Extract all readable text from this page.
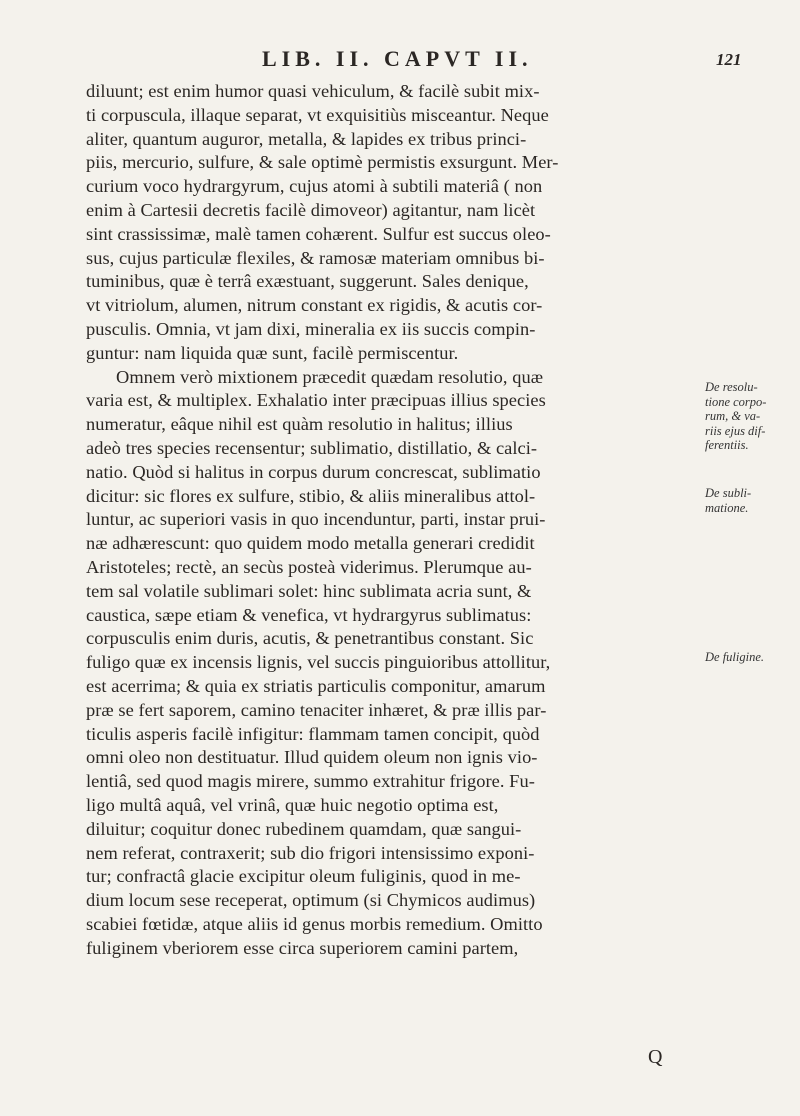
LIB. II. CAPVT II.	121
diluunt; est enim humor quasi vehiculum, & facilè subit mix-
ti corpuscula, illaque separat, vt exquisitiùs misceantur. Neque
aliter, quantum auguror, metalla, & lapides ex tribus princi-
piis, mercurio, sulfure, & sale optimè permistis exsurgunt. Mer-
curium voco hydrargyrum, cujus atomi à subtili materiâ ( non
enim à Cartesii decretis facilè dimoveor) agitantur, nam licèt
sint crassissimæ, malè tamen cohærent. Sulfur est succus oleo-
sus, cujus particulæ flexiles, & ramosæ materiam omnibus bi-
tuminibus, quæ è terrâ exæstuant, suggerunt. Sales denique,
vt vitriolum, alumen, nitrum constant ex rigidis, & acutis cor-
pusculis. Omnia, vt jam dixi, mineralia ex iis succis compin-
guntur: nam liquida quæ sunt, facilè permiscentur.
Omnem verò mixtionem præcedit quædam resolutio, quæ
varia est, & multiplex. Exhalatio inter præcipuas illius species
numeratur, eâque nihil est quàm resolutio in halitus; illius
adeò tres species recensentur; sublimatio, distillatio, & calci-
natio. Quòd si halitus in corpus durum concrescat, sublimatio
dicitur: sic flores ex sulfure, stibio, & aliis mineralibus attol-
luntur, ac superiori vasis in quo incenduntur, parti, instar prui-
næ adhærescunt: quo quidem modo metalla generari credidit
Aristoteles; rectè, an secùs posteà viderimus. Plerumque au-
tem sal volatile sublimari solet: hinc sublimata acria sunt, &
caustica, sæpe etiam & venefica, vt hydrargyrus sublimatus:
corpusculis enim duris, acutis, & penetrantibus constant. Sic
fuligo quæ ex incensis lignis, vel succis pinguioribus attollitur,
est acerrima; & quia ex striatis particulis componitur, amarum
præ se fert saporem, camino tenaciter inhæret, & præ illis par-
ticulis asperis facilè infigitur: flammam tamen concipit, quòd
omni oleo non destituatur. Illud quidem oleum non ignis vio-
lentiâ, sed quod magis mirere, summo extrahitur frigore. Fu-
ligo multâ aquâ, vel vrinâ, quæ huic negotio optima est,
diluitur; coquitur donec rubedinem quamdam, quæ sangui-
nem referat, contraxerit; sub dio frigori intensissimo exponi-
tur; confractâ glacie excipitur oleum fuliginis, quod in me-
dium locum sese receperat, optimum (si Chymicos audimus)
scabiei fœtidæ, atque aliis id genus morbis remedium. Omitto
fuliginem vberiorem esse circa superiorem camini partem,
De resolu-
tione corpo-
rum, & va-
riis ejus dif-
ferentiis.
De subli-
matione.
De fuligine.
Q
